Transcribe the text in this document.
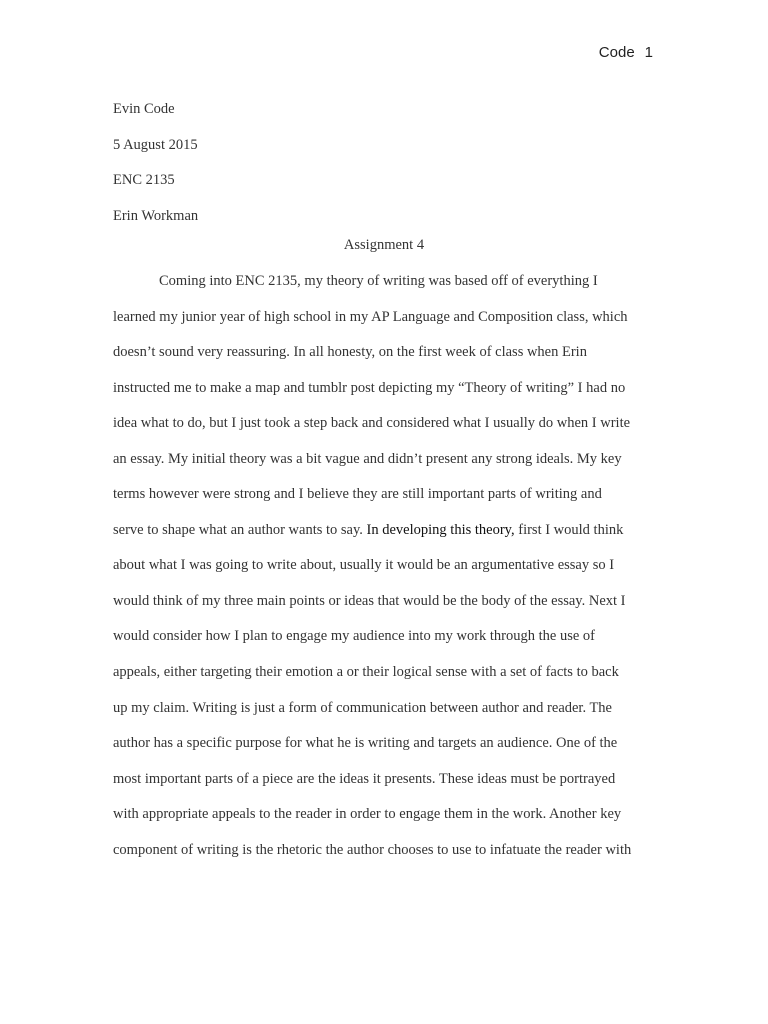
Code 1
Evin Code
5 August 2015
ENC 2135
Erin Workman
Assignment 4
Coming into ENC 2135, my theory of writing was based off of everything I
learned my junior year of high school in my AP Language and Composition class, which
doesn’t sound very reassuring. In all honesty, on the first week of class when Erin
instructed me to make a map and tumblr post depicting my “Theory of writing” I had no
idea what to do, but I just took a step back and considered what I usually do when I write
an essay. My initial theory was a bit vague and didn’t present any strong ideals. My key
terms however were strong and I believe they are still important parts of writing and
serve to shape what an author wants to say. In developing this theory, first I would think
about what I was going to write about, usually it would be an argumentative essay so I
would think of my three main points or ideas that would be the body of the essay. Next I
would consider how I plan to engage my audience into my work through the use of
appeals, either targeting their emotion a or their logical sense with a set of facts to back
up my claim. Writing is just a form of communication between author and reader. The
author has a specific purpose for what he is writing and targets an audience. One of the
most important parts of a piece are the ideas it presents. These ideas must be portrayed
with appropriate appeals to the reader in order to engage them in the work. Another key
component of writing is the rhetoric the author chooses to use to infatuate the reader with
